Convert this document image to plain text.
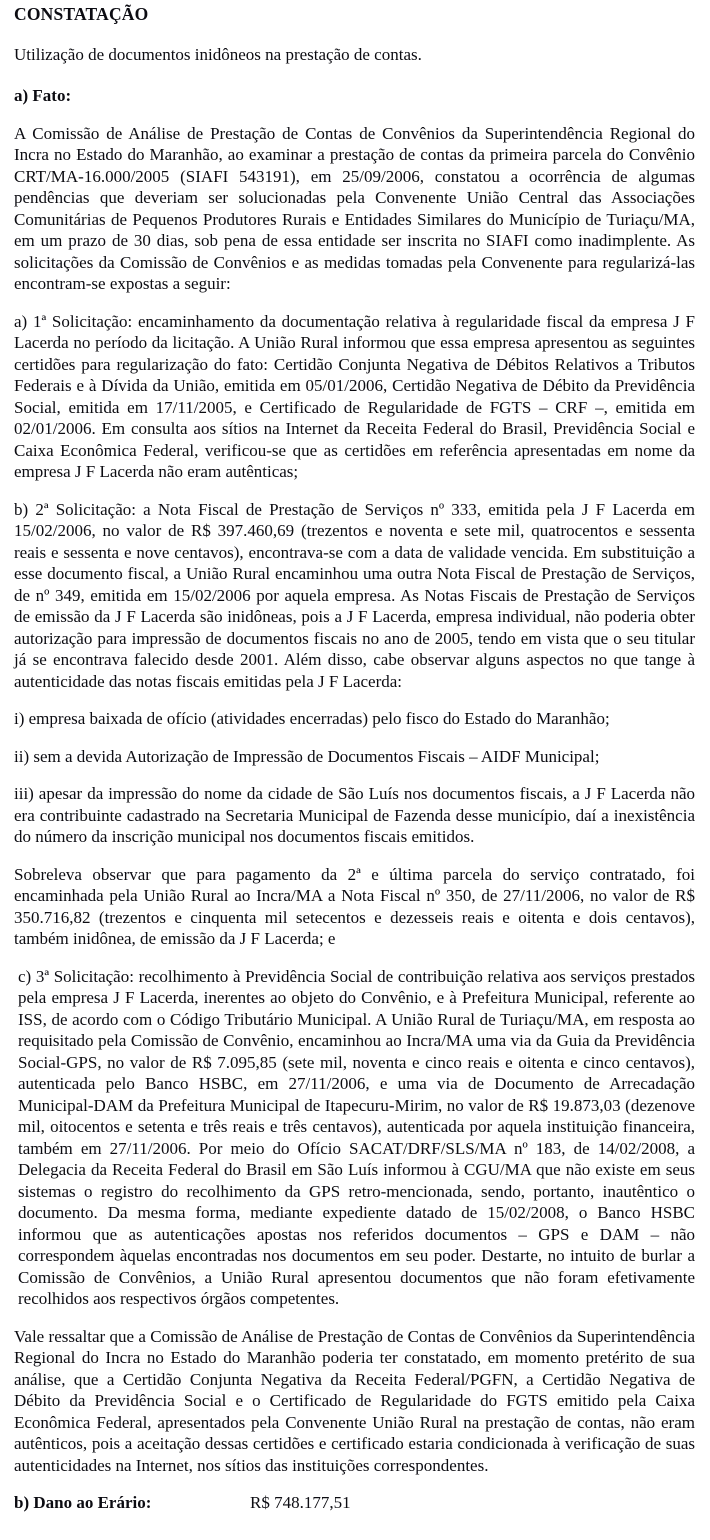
CONSTATAÇÃO

Utilização de documentos inidôneos na prestação de contas.

a) Fato:

A Comissão de Análise de Prestação de Contas de Convênios da Superintendência Regional do Incra no Estado do Maranhão, ao examinar a prestação de contas da primeira parcela do Convênio CRT/MA-16.000/2005 (SIAFI 543191), em 25/09/2006, constatou a ocorrência de algumas pendências que deveriam ser solucionadas pela Convenente União Central das Associações Comunitárias de Pequenos Produtores Rurais e Entidades Similares do Município de Turiaçu/MA, em um prazo de 30 dias, sob pena de essa entidade ser inscrita no SIAFI como inadimplente. As solicitações da Comissão de Convênios e as medidas tomadas pela Convenente para regularizá-las encontram-se expostas a seguir:

a) 1ª Solicitação: encaminhamento da documentação relativa à regularidade fiscal da empresa J F Lacerda no período da licitação. A União Rural informou que essa empresa apresentou as seguintes certidões para regularização do fato: Certidão Conjunta Negativa de Débitos Relativos a Tributos Federais e à Dívida da União, emitida em 05/01/2006, Certidão Negativa de Débito da Previdência Social, emitida em 17/11/2005, e Certificado de Regularidade de FGTS – CRF –, emitida em 02/01/2006. Em consulta aos sítios na Internet da Receita Federal do Brasil, Previdência Social e Caixa Econômica Federal, verificou-se que as certidões em referência apresentadas em nome da empresa J F Lacerda não eram autênticas;

b) 2ª Solicitação: a Nota Fiscal de Prestação de Serviços nº 333, emitida pela J F Lacerda em 15/02/2006, no valor de R$ 397.460,69 (trezentos e noventa e sete mil, quatrocentos e sessenta reais e sessenta e nove centavos), encontrava-se com a data de validade vencida. Em substituição a esse documento fiscal, a União Rural encaminhou uma outra Nota Fiscal de Prestação de Serviços, de nº 349, emitida em 15/02/2006 por aquela empresa. As Notas Fiscais de Prestação de Serviços de emissão da J F Lacerda são inidôneas, pois a J F Lacerda, empresa individual, não poderia obter autorização para impressão de documentos fiscais no ano de 2005, tendo em vista que o seu titular já se encontrava falecido desde 2001. Além disso, cabe observar alguns aspectos no que tange à autenticidade das notas fiscais emitidas pela J F Lacerda:

i) empresa baixada de ofício (atividades encerradas) pelo fisco do Estado do Maranhão;

ii) sem a devida Autorização de Impressão de Documentos Fiscais – AIDF Municipal;

iii) apesar da impressão do nome da cidade de São Luís nos documentos fiscais, a J F Lacerda não era contribuinte cadastrado na Secretaria Municipal de Fazenda desse município, daí a inexistência do número da inscrição municipal nos documentos fiscais emitidos.

Sobreleva observar que para pagamento da 2ª e última parcela do serviço contratado, foi encaminhada pela União Rural ao Incra/MA a Nota Fiscal nº 350, de 27/11/2006, no valor de R$ 350.716,82 (trezentos e cinquenta mil setecentos e dezesseis reais e oitenta e dois centavos), também inidônea, de emissão da J F Lacerda; e

c) 3ª Solicitação: recolhimento à Previdência Social de contribuição relativa aos serviços prestados pela empresa J F Lacerda, inerentes ao objeto do Convênio, e à Prefeitura Municipal, referente ao ISS, de acordo com o Código Tributário Municipal. A União Rural de Turiaçu/MA, em resposta ao requisitado pela Comissão de Convênio, encaminhou ao Incra/MA uma via da Guia da Previdência Social-GPS, no valor de R$ 7.095,85 (sete mil, noventa e cinco reais e oitenta e cinco centavos), autenticada pelo Banco HSBC, em 27/11/2006, e uma via de Documento de Arrecadação Municipal-DAM da Prefeitura Municipal de Itapecuru-Mirim, no valor de R$ 19.873,03 (dezenove mil, oitocentos e setenta e três reais e três centavos), autenticada por aquela instituição financeira, também em 27/11/2006. Por meio do Ofício SACAT/DRF/SLS/MA nº 183, de 14/02/2008, a Delegacia da Receita Federal do Brasil em São Luís informou à CGU/MA que não existe em seus sistemas o registro do recolhimento da GPS retro-mencionada, sendo, portanto, inautêntico o documento. Da mesma forma, mediante expediente datado de 15/02/2008, o Banco HSBC informou que as autenticações apostas nos referidos documentos – GPS e DAM – não correspondem àquelas encontradas nos documentos em seu poder. Destarte, no intuito de burlar a Comissão de Convênios, a União Rural apresentou documentos que não foram efetivamente recolhidos aos respectivos órgãos competentes.

Vale ressaltar que a Comissão de Análise de Prestação de Contas de Convênios da Superintendência Regional do Incra no Estado do Maranhão poderia ter constatado, em momento pretérito de sua análise, que a Certidão Conjunta Negativa da Receita Federal/PGFN, a Certidão Negativa de Débito da Previdência Social e o Certificado de Regularidade do FGTS emitido pela Caixa Econômica Federal, apresentados pela Convenente União Rural na prestação de contas, não eram autênticos, pois a aceitação dessas certidões e certificado estaria condicionada à verificação de suas autenticidades na Internet, nos sítios das instituições correspondentes.

b) Dano ao Erário:	R$ 748.177,51
